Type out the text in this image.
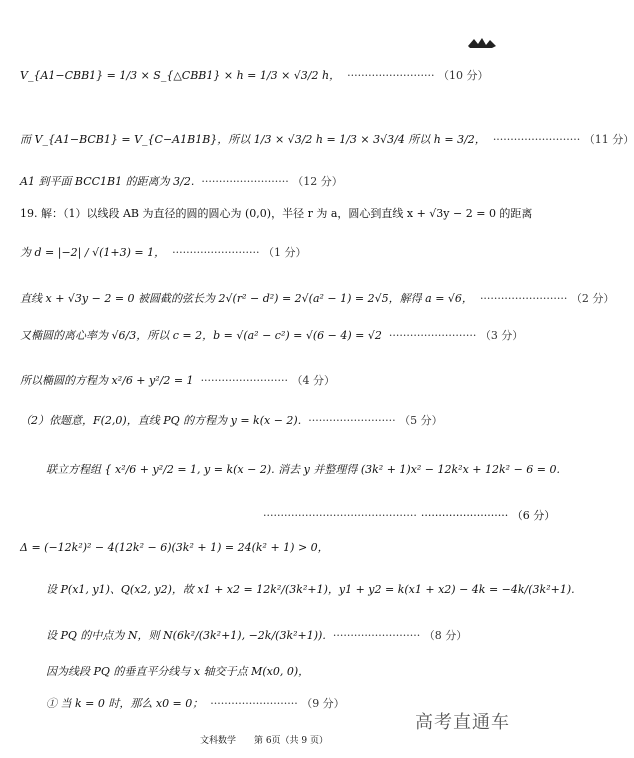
V_{A1−CBB1} = 1/3 × S_{△CBB1} × h = 1/3 × √3/2 h， ························· （10 分）
而 V_{A1−BCB1} = V_{C−A1B1B}，所以 1/3 × √3/2 h = 1/3 × 3√3/4 所以 h = 3/2， ························· （11 分）
A1 到平面 BCC1B1 的距离为 3/2. ························· （12 分）
19. 解：（1）以线段 AB 为直径的圆的圆心为 (0,0)，半径 r 为 a，圆心到直线 x + √3y − 2 = 0 的距离
为 d = |−2| / √(1+3) = 1， ························· （1 分）
直线 x + √3y − 2 = 0 被圆截的弦长为 2√(r² − d²) = 2√(a² − 1) = 2√5，解得 a = √6， ························· （2 分）
又椭圆的离心率为 √6/3，所以 c = 2，b = √(a² − c²) = √(6 − 4) = √2 ························· （3 分）
所以椭圆的方程为 x²/6 + y²/2 = 1 ························· （4 分）
（2）依题意，F(2,0)，直线 PQ 的方程为 y = k(x − 2). ························· （5 分）
联立方程组 { x²/6 + y²/2 = 1, y = k(x − 2). 消去 y 并整理得 (3k² + 1)x² − 12k²x + 12k² − 6 = 0.
············································ ························· （6 分）
Δ = (−12k²)² − 4(12k² − 6)(3k² + 1) = 24(k² + 1) > 0，
设 P(x1, y1)、Q(x2, y2)，故 x1 + x2 = 12k²/(3k²+1)，y1 + y2 = k(x1 + x2) − 4k = −4k/(3k²+1).
设 PQ 的中点为 N，则 N(6k²/(3k²+1), −2k/(3k²+1)). ························· （8 分）
因为线段 PQ 的垂直平分线与 x 轴交于点 M(x0, 0)，
① 当 k = 0 时，那么 x0 = 0； ························· （9 分）
高考直通车
文科数学　　第 6页（共 9 页）
